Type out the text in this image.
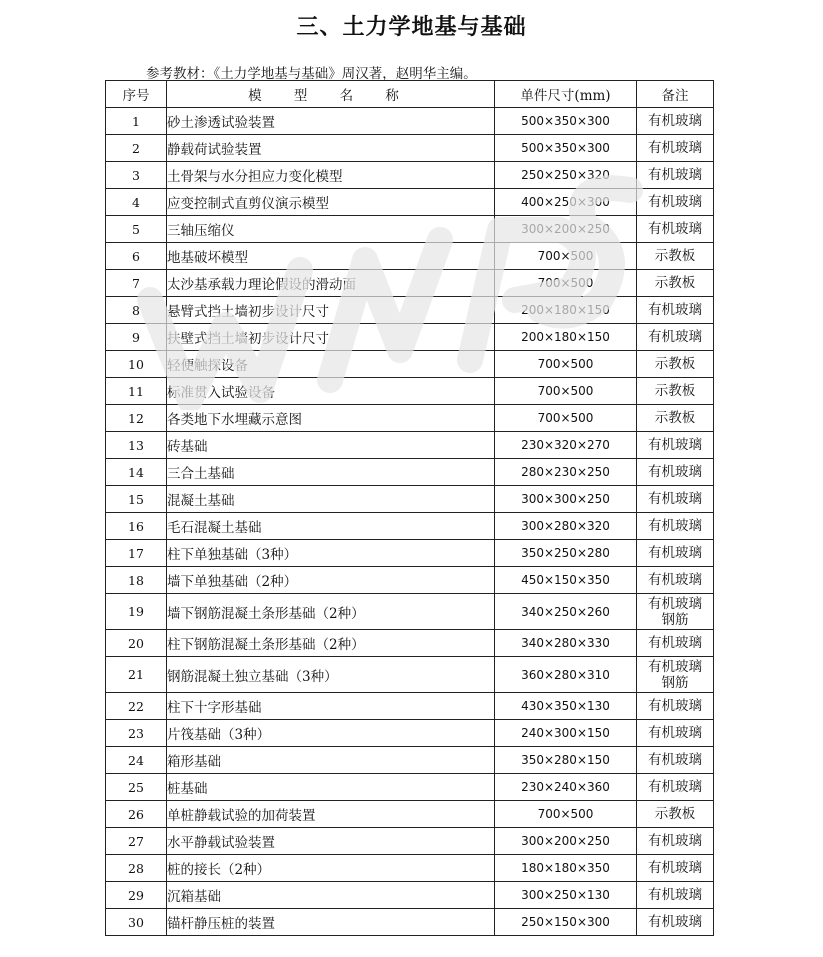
三、土力学地基与基础
参考教材：《土力学地基与基础》周汉著，赵明华主编。
序号	模 型 名 称	单件尺寸(mm)	备注
1	砂土渗透试验装置	500×350×300	有机玻璃

2	静载荷试验装置	500×350×300	有机玻璃

3	土骨架与水分担应力变化模型	250×250×320	有机玻璃

4	应变控制式直剪仪演示模型	400×250×300	有机玻璃

5	三轴压缩仪	300×200×250	有机玻璃

6	地基破坏模型	700×500	示教板

7	太沙基承载力理论假设的滑动面	700×500	示教板

8	悬臂式挡土墙初步设计尺寸	200×180×150	有机玻璃

9	扶壁式挡土墙初步设计尺寸	200×180×150	有机玻璃

10	轻便触探设备	700×500	示教板

11	标准贯入试验设备	700×500	示教板

12	各类地下水埋藏示意图	700×500	示教板

13	砖基础	230×320×270	有机玻璃

14	三合土基础	280×230×250	有机玻璃

15	混凝土基础	300×300×250	有机玻璃

16	毛石混凝土基础	300×280×320	有机玻璃

17	柱下单独基础（3种）	350×250×280	有机玻璃

18	墙下单独基础（2种）	450×150×350	有机玻璃

19	墙下钢筋混凝土条形基础（2种）	340×250×260	有机玻璃
钢筋

20	柱下钢筋混凝土条形基础（2种）	340×280×330	有机玻璃

21	钢筋混凝土独立基础（3种）	360×280×310	有机玻璃
钢筋

22	柱下十字形基础	430×350×130	有机玻璃

23	片筏基础（3种）	240×300×150	有机玻璃

24	箱形基础	350×280×150	有机玻璃

25	桩基础	230×240×360	有机玻璃

26	单桩静载试验的加荷装置	700×500	示教板

27	水平静载试验装置	300×200×250	有机玻璃

28	桩的接长（2种）	180×180×350	有机玻璃

29	沉箱基础	300×250×130	有机玻璃

30	锚杆静压桩的装置	250×150×300	有机玻璃
